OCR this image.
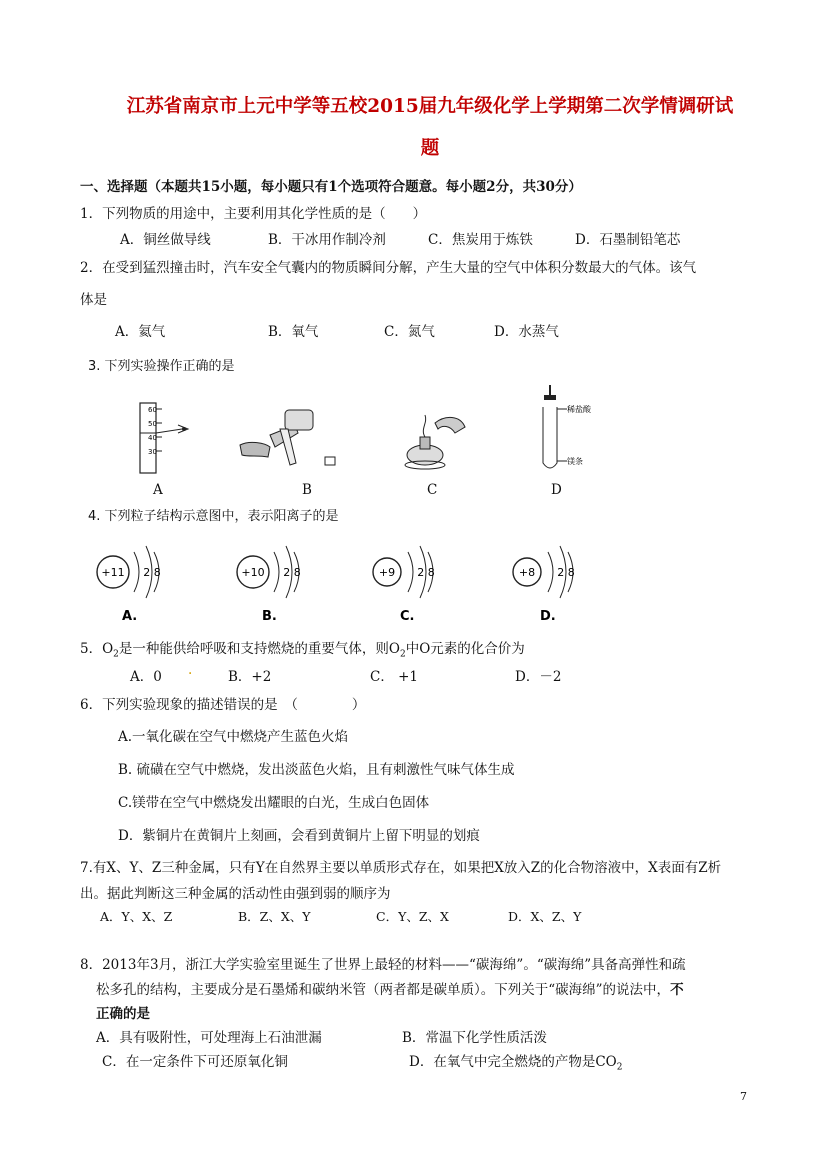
江苏省南京市上元中学等五校2015届九年级化学上学期第二次学情调研试
题
一、选择题（本题共15小题，每小题只有1个选项符合题意。每小题2分，共30分）
1．下列物质的用途中，主要利用其化学性质的是（　　）
A．铜丝做导线	B．干冰用作制冷剂	C．焦炭用于炼铁	D．石墨制铅笔芯
2．在受到猛烈撞击时，汽车安全气囊内的物质瞬间分解，产生大量的空气中体积分数最大的气体。该气
体是
A．氦气	B．氧气	C．氮气	D．水蒸气
3. 下列实验操作正确的是
60
50
40
30
稀盐酸
镁条
A	B	C	D
4. 下列粒子结构示意图中，表示阳离子的是
+11 2 8
A.
+10 2 8
B.
+9 2 8
C.
+8 2 8
D.
5．$O_2$是一种能供给呼吸和支持燃烧的重要气体，则$O_2$中O元素的化合价为
A．0 .	B．+2	C． +1	D．－2
6．下列实验现象的描述错误的是　（　　　　）
A.一氧化碳在空气中燃烧产生蓝色火焰
B. 硫磺在空气中燃烧，发出淡蓝色火焰，且有刺激性气味气体生成
C.镁带在空气中燃烧发出耀眼的白光，生成白色固体
D．紫铜片在黄铜片上刻画，会看到黄铜片上留下明显的划痕
7.有X、Y、Z三种金属，只有Y在自然界主要以单质形式存在，如果把X放入Z的化合物溶液中，X表面有Z析
出。据此判断这三种金属的活动性由强到弱的顺序为
A．Y、X、Z	B．Z、X、Y	C．Y、Z、X	D．X、Z、Y
8．2013年3月，浙江大学实验室里诞生了世界上最轻的材料——“碳海绵”。“碳海绵”具备高弹性和疏
松多孔的结构，主要成分是石墨烯和碳纳米管（两者都是碳单质）。下列关于“碳海绵”的说法中，不
正确的是
A．具有吸附性，可处理海上石油泄漏	B．常温下化学性质活泼
C．在一定条件下可还原氧化铜	D．在氧气中完全燃烧的产物是$CO_2$
7
